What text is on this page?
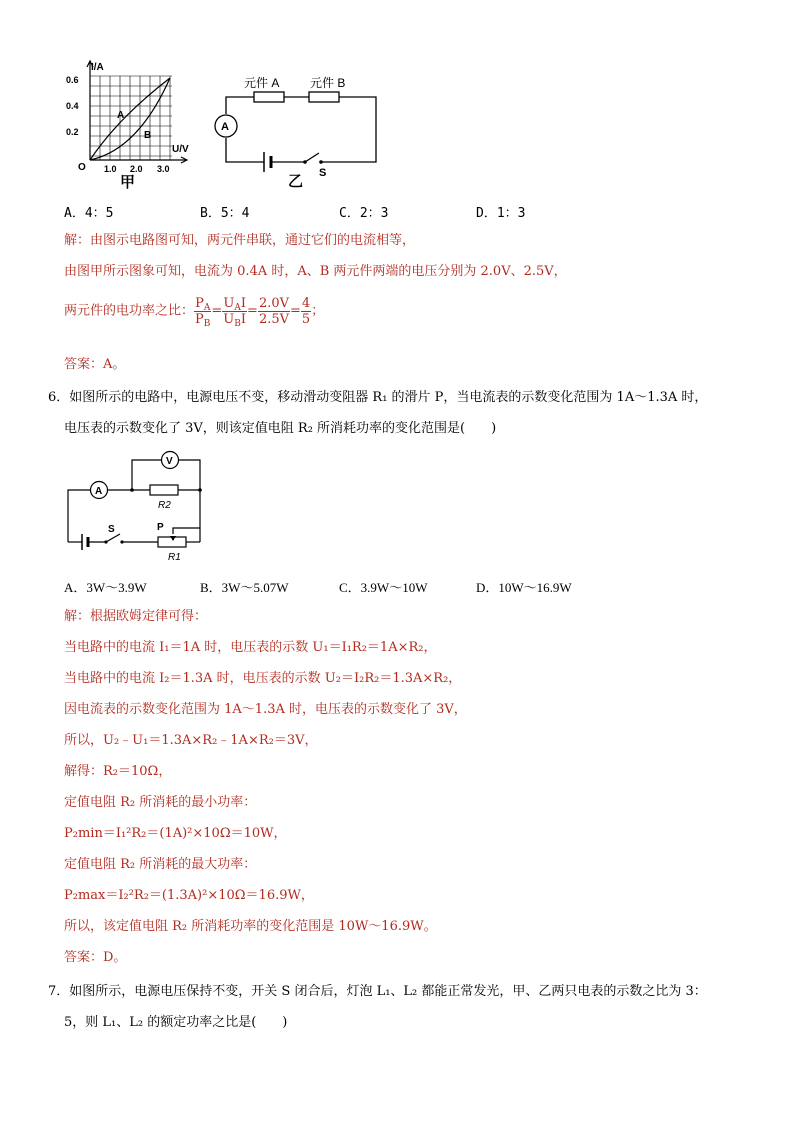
I/A
U/V
O
0.6
0.4
0.2
1.0 2.0 3.0
A
B
甲
A
元件 A	元件 B
S
乙
A．4：5	B．5：4	C．2：3	D．1：3
解：由图示电路图可知，两元件串联，通过它们的电流相等，
由图甲所示图象可知，电流为 0.4A 时，A、B 两元件两端的电压分别为 2.0V、2.5V，
两元件的电功率之比： $\frac{P_A}{P_B} = \frac{U_AI}{U_BI} = \frac{2.0V}{2.5V} = \frac{4}{5}$ ；
答案：A。
6．如图所示的电路中，电源电压不变，移动滑动变阻器 R₁ 的滑片 P，当电流表的示数变化范围为 1A～1.3A 时，
电压表的示数变化了 3V，则该定值电阻 R₂ 所消耗功率的变化范围是(　　)
A
V
R2
S	P
R1
A．3W～3.9W	B．3W～5.07W	C．3.9W～10W	D．10W～16.9W
解：根据欧姆定律可得：
当电路中的电流 I₁＝1A 时，电压表的示数 U₁＝I₁R₂＝1A×R₂，
当电路中的电流 I₂＝1.3A 时，电压表的示数 U₂＝I₂R₂＝1.3A×R₂，
因电流表的示数变化范围为 1A～1.3A 时，电压表的示数变化了 3V，
所以，U₂﹣U₁＝1.3A×R₂﹣1A×R₂＝3V，
解得：R₂＝10Ω，
定值电阻 R₂ 所消耗的最小功率：
P₂min＝I₁²R₂＝(1A)²×10Ω＝10W，
定值电阻 R₂ 所消耗的最大功率：
P₂max＝I₂²R₂＝(1.3A)²×10Ω＝16.9W，
所以，该定值电阻 R₂ 所消耗功率的变化范围是 10W～16.9W。
答案：D。
7．如图所示，电源电压保持不变，开关 S 闭合后，灯泡 L₁、L₂ 都能正常发光，甲、乙两只电表的示数之比为 3：
5，则 L₁、L₂ 的额定功率之比是(　　)
